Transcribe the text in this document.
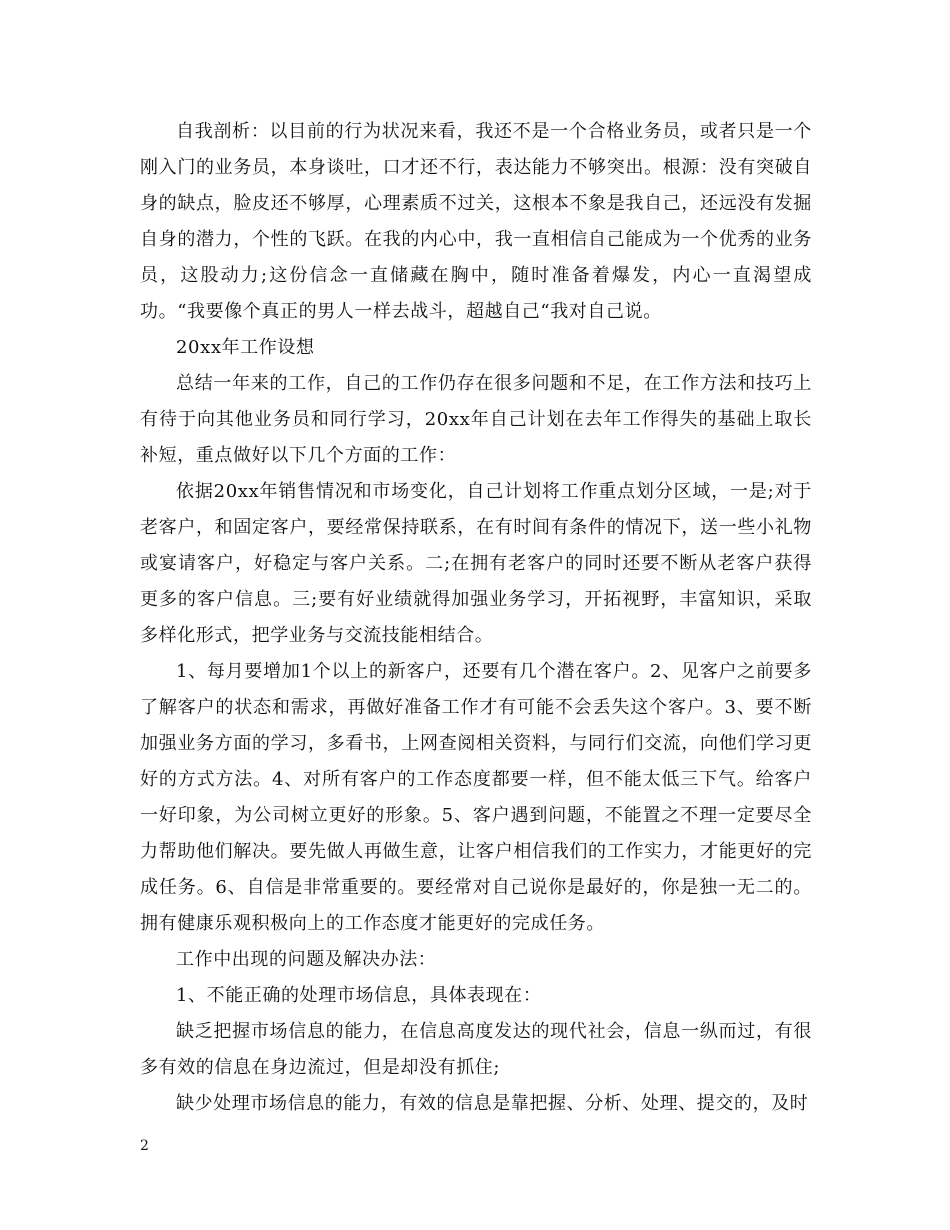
自我剖析：以目前的行为状况来看，我还不是一个合格业务员，或者只是一个刚入门的业务员，本身谈吐，口才还不行，表达能力不够突出。根源：没有突破自身的缺点，脸皮还不够厚，心理素质不过关，这根本不象是我自己，还远没有发掘自身的潜力，个性的飞跃。在我的内心中，我一直相信自己能成为一个优秀的业务员，这股动力;这份信念一直储藏在胸中，随时准备着爆发，内心一直渴望成功。“我要像个真正的男人一样去战斗，超越自己“我对自己说。

20xx年工作设想

总结一年来的工作，自己的工作仍存在很多问题和不足，在工作方法和技巧上有待于向其他业务员和同行学习，20xx年自己计划在去年工作得失的基础上取长补短，重点做好以下几个方面的工作：

依据20xx年销售情况和市场变化，自己计划将工作重点划分区域，一是;对于老客户，和固定客户，要经常保持联系，在有时间有条件的情况下，送一些小礼物或宴请客户，好稳定与客户关系。二;在拥有老客户的同时还要不断从老客户获得更多的客户信息。三;要有好业绩就得加强业务学习，开拓视野，丰富知识，采取多样化形式，把学业务与交流技能相结合。

1、每月要增加1个以上的新客户，还要有几个潜在客户。2、见客户之前要多了解客户的状态和需求，再做好准备工作才有可能不会丢失这个客户。3、要不断加强业务方面的学习，多看书，上网查阅相关资料，与同行们交流，向他们学习更好的方式方法。4、对所有客户的工作态度都要一样，但不能太低三下气。给客户一好印象，为公司树立更好的形象。5、客户遇到问题，不能置之不理一定要尽全力帮助他们解决。要先做人再做生意，让客户相信我们的工作实力，才能更好的完成任务。6、自信是非常重要的。要经常对自己说你是最好的，你是独一无二的。拥有健康乐观积极向上的工作态度才能更好的完成任务。

工作中出现的问题及解决办法：

1、不能正确的处理市场信息，具体表现在：

缺乏把握市场信息的能力，在信息高度发达的现代社会，信息一纵而过，有很多有效的信息在身边流过，但是却没有抓住;

缺少处理市场信息的能力，有效的信息是靠把握、分析、处理、提交的，及时

2
